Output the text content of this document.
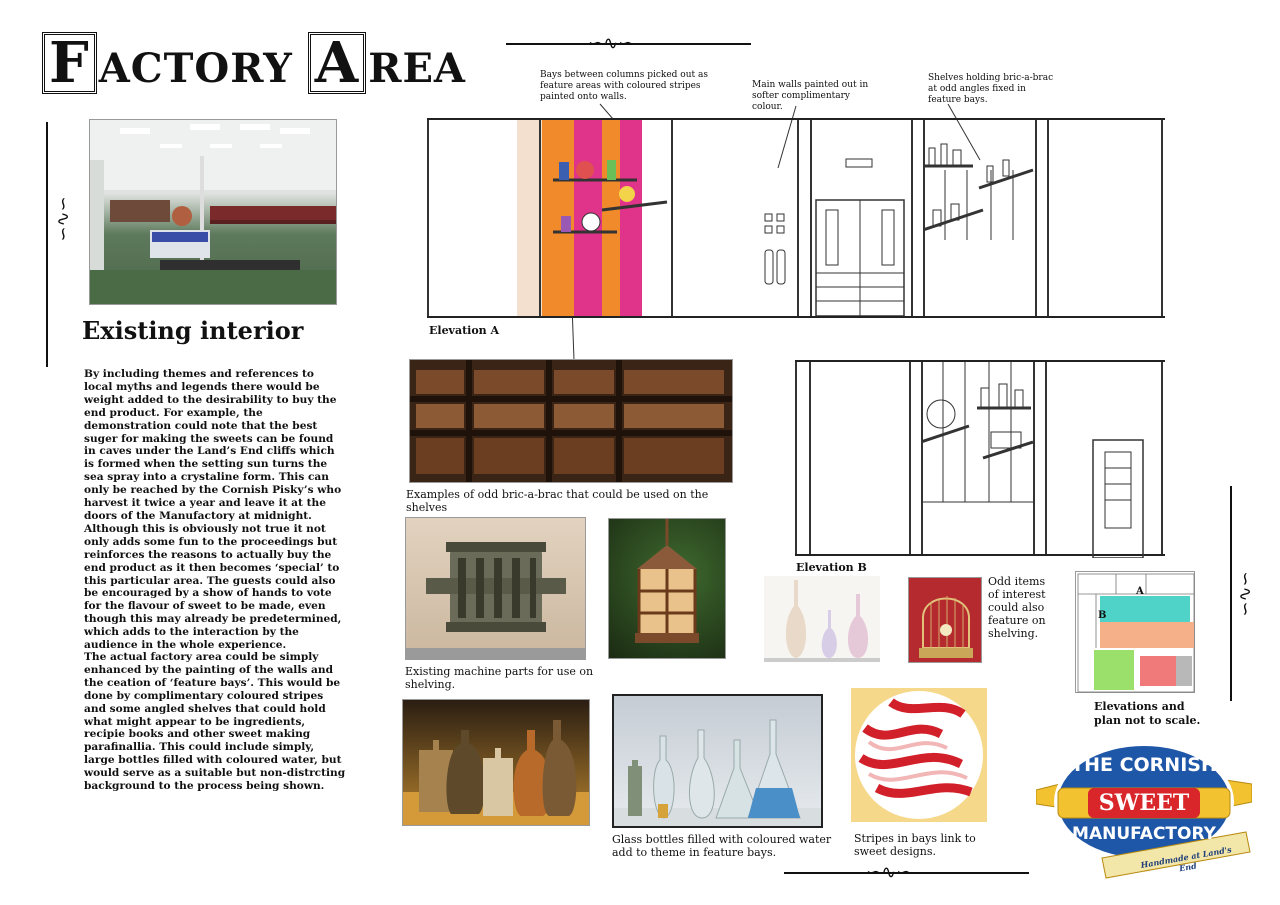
F ACTORY A REA
∽∿∽
∽∿∽
∽∿∽
∽∿∽
Existing interior
By including themes and references to local myths and legends there would be weight added to the desirability to buy the end product. For example, the demonstration could note that the best suger for making the sweets can be found in caves under the Land’s End cliffs which is formed when the setting sun turns the sea spray into a crystaline form. This can only be reached by the Cornish Pisky’s who harvest it twice a year and leave it at the doors of the Manufactory at midnight. Although this is obviously not true it not only adds some fun to the proceedings but reinforces the reasons to actually buy the end product as it then becomes ‘special’ to this particular area. The guests could also be encouraged by a show of hands to vote for the flavour of sweet to be made, even though this may already be predetermined, which adds to the interaction by the audience in the whole experience.
The actual factory area could be simply enhanced by the painting of the walls and the ceation of ‘feature bays’. This would be done by complimentary coloured stripes and some angled shelves that could hold what might appear to be ingredients, recipie books and other sweet making parafinallia. This could include simply, large bottles filled with coloured water, but would serve as a suitable but non-distrcting background to the process being shown.
Bays between columns picked out as feature areas with coloured stripes painted onto walls.
Main walls painted out in softer complimentary colour.
Shelves holding bric-a-brac at odd angles fixed in feature bays.
Elevation A
Examples of odd bric-a-brac that could be used on the shelves
Elevation B
Existing machine parts for use on shelving.
Odd items of interest could also feature on shelving.
A
B
Elevations and plan not to scale.
Glass bottles filled with coloured water add to theme in feature bays.
Stripes in bays link to sweet designs.
THE CORNISH
SWEET
MANUFACTORY
Handmade at Land's End
